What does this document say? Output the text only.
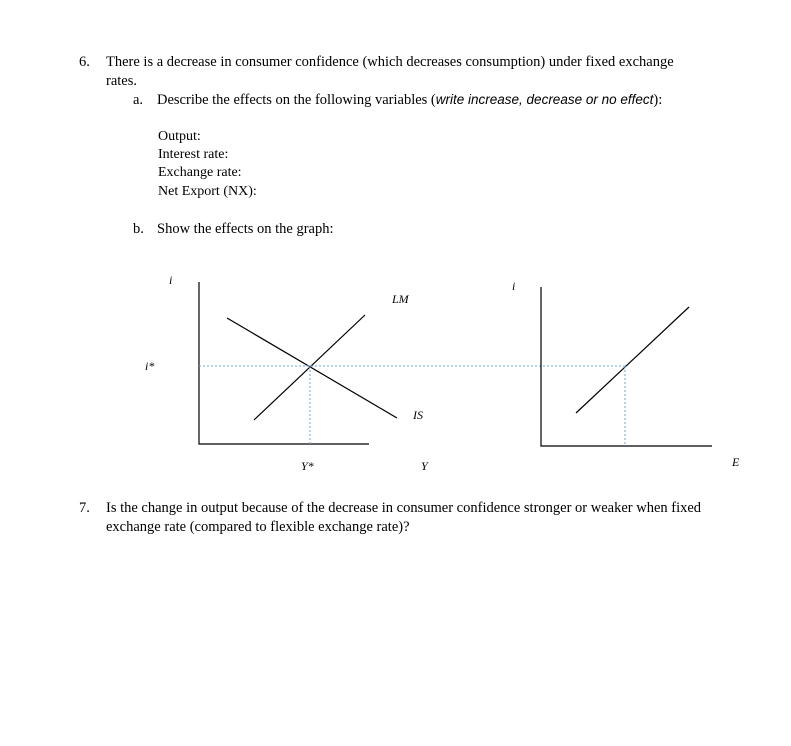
6. There is a decrease in consumer confidence (which decreases consumption) under fixed exchange
rates.
a. Describe the effects on the following variables (write increase, decrease or no effect):
Output:
Interest rate:
Exchange rate:
Net Export (NX):
b. Show the effects on the graph:
i	i
i*
LM
IS
Y*	Y	E
7. Is the change in output because of the decrease in consumer confidence stronger or weaker when fixed
exchange rate (compared to flexible exchange rate)?
